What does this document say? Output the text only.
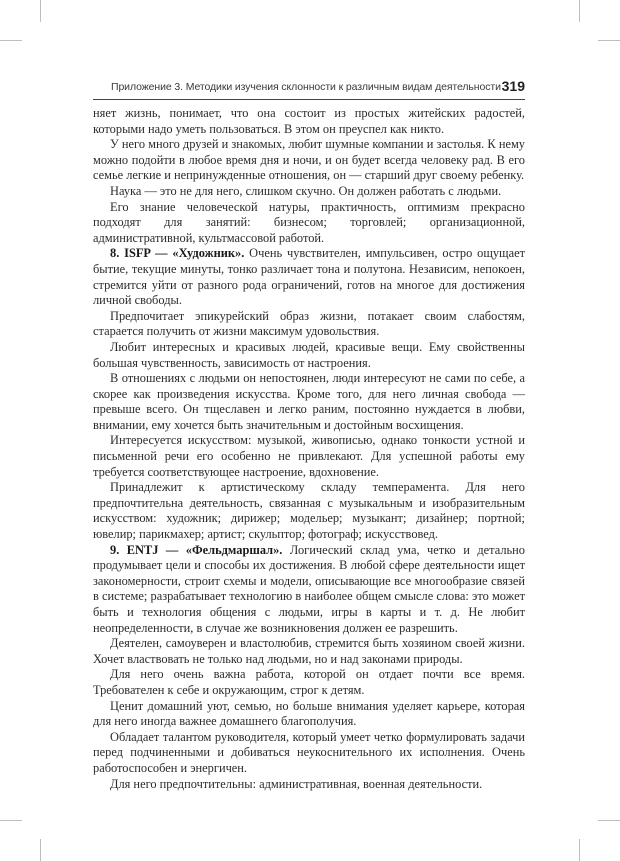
Приложение 3. Методики изучения склонности к различным видам деятельности 319

няет жизнь, понимает, что она состоит из простых житейских радостей, которыми надо уметь пользоваться. В этом он преуспел как никто.

У него много друзей и знакомых, любит шумные компании и застолья. К нему можно подойти в любое время дня и ночи, и он будет всегда человеку рад. В его семье легкие и непринужденные отношения, он — старший друг своему ребенку.

Наука — это не для него, слишком скучно. Он должен работать с людьми.

Его знание человеческой натуры, практичность, оптимизм прекрасно подходят для занятий: бизнесом; торговлей; организационной, административной, культмассовой работой.

8. ISFP — «Художник». Очень чувствителен, импульсивен, остро ощущает бытие, текущие минуты, тонко различает тона и полутона. Независим, непокоен, стремится уйти от разного рода ограничений, готов на многое для достижения личной свободы.

Предпочитает эпикурейский образ жизни, потакает своим слабостям, старается получить от жизни максимум удовольствия.

Любит интересных и красивых людей, красивые вещи. Ему свойственны большая чувственность, зависимость от настроения.

В отношениях с людьми он непостоянен, люди интересуют не сами по себе, а скорее как произведения искусства. Кроме того, для него личная свобода — превыше всего. Он тщеславен и легко раним, постоянно нуждается в любви, внимании, ему хочется быть значительным и достойным восхищения.

Интересуется искусством: музыкой, живописью, однако тонкости устной и письменной речи его особенно не привлекают. Для успешной работы ему требуется соответствующее настроение, вдохновение.

Принадлежит к артистическому складу темперамента. Для него предпочтительна деятельность, связанная с музыкальным и изобразительным искусством: художник; дирижер; модельер; музыкант; дизайнер; портной; ювелир; парикмахер; артист; скульптор; фотограф; искусствовед.

9. ENTJ — «Фельдмаршал». Логический склад ума, четко и детально продумывает цели и способы их достижения. В любой сфере деятельности ищет закономерности, строит схемы и модели, описывающие все многообразие связей в системе; разрабатывает технологию в наиболее общем смысле слова: это может быть и технология общения с людьми, игры в карты и т. д. Не любит неопределенности, в случае же возникновения должен ее разрешить.

Деятелен, самоуверен и властолюбив, стремится быть хозяином своей жизни. Хочет властвовать не только над людьми, но и над законами природы.

Для него очень важна работа, которой он отдает почти все время. Требователен к себе и окружающим, строг к детям.

Ценит домашний уют, семью, но больше внимания уделяет карьере, которая для него иногда важнее домашнего благополучия.

Обладает талантом руководителя, который умеет четко формулировать задачи перед подчиненными и добиваться неукоснительного их исполнения. Очень работоспособен и энергичен.

Для него предпочтительны: административная, военная деятельности.
